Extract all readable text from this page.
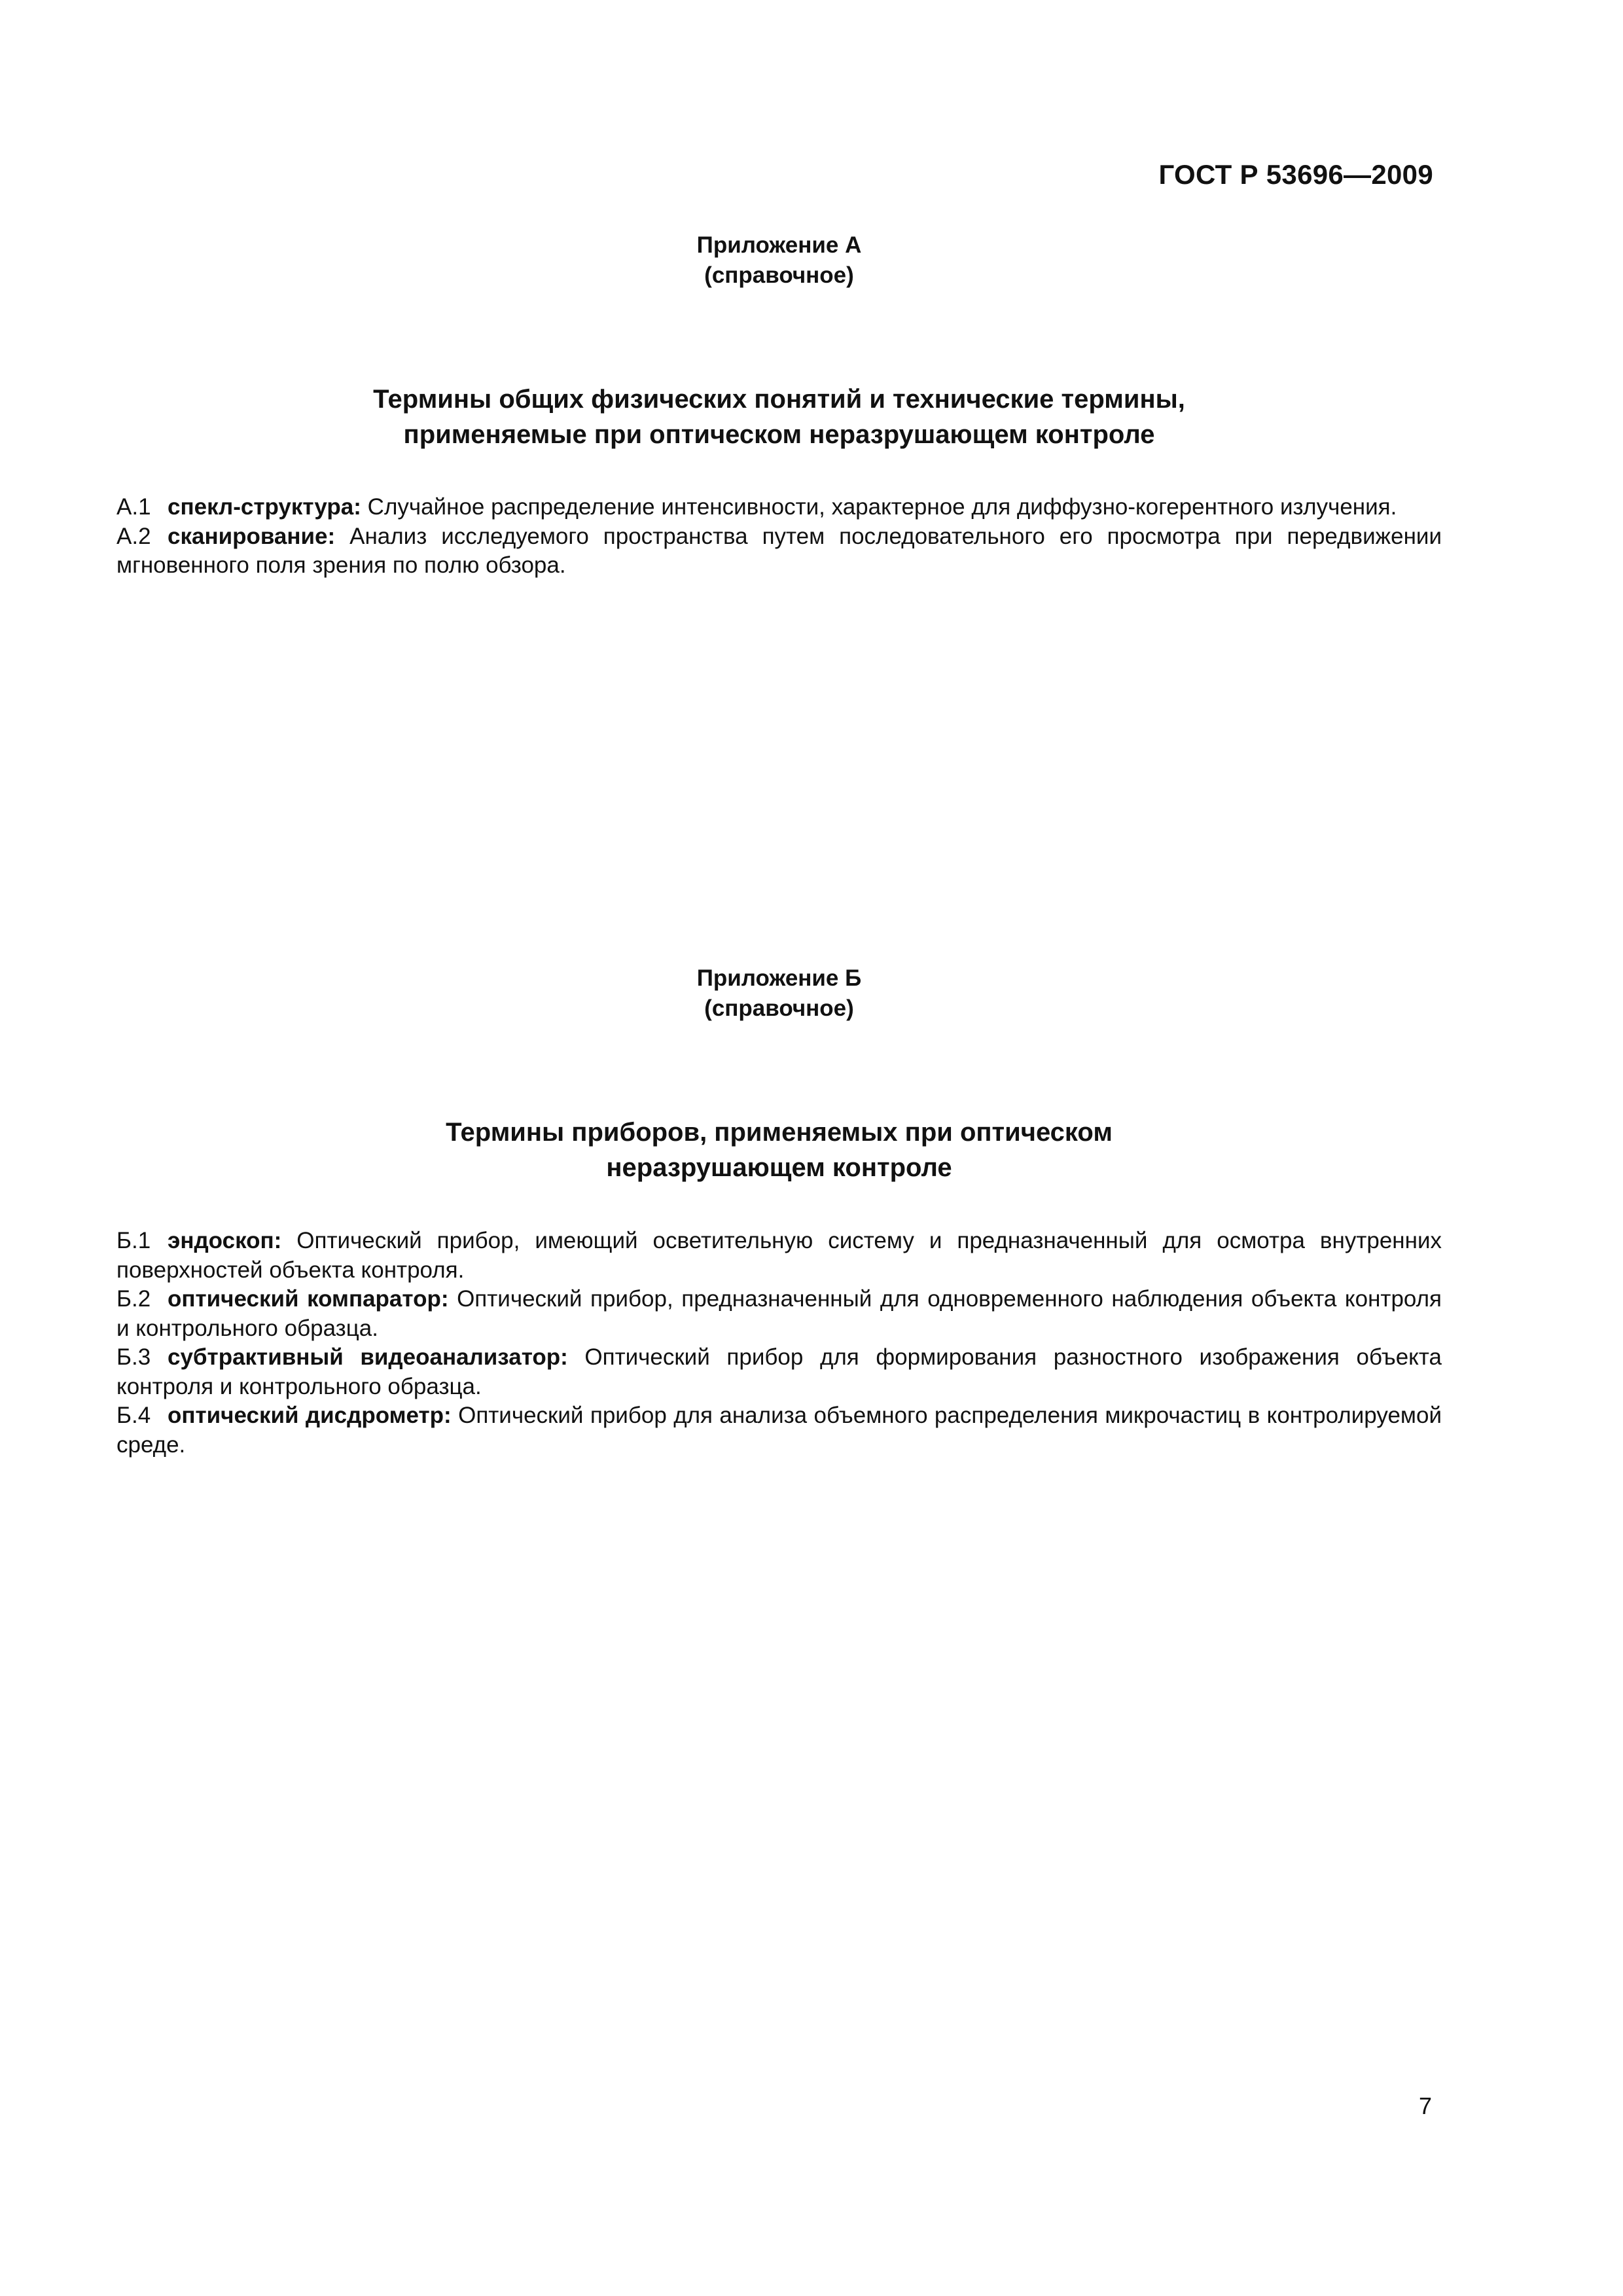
ГОСТ Р 53696—2009

Приложение А

(справочное)

Термины общих физических понятий и технические термины,

применяемые при оптическом неразрушающем контроле

А.1 спекл-структура: Случайное распределение интенсивности, характерное для диффузно-когерентного излучения.

А.2 сканирование: Анализ исследуемого пространства путем последовательного его просмотра при передвижении мгновенного поля зрения по полю обзора.

Приложение Б

(справочное)

Термины приборов, применяемых при оптическом

неразрушающем контроле

Б.1 эндоскоп: Оптический прибор, имеющий осветительную систему и предназначенный для осмотра внутренних поверхностей объекта контроля.

Б.2 оптический компаратор: Оптический прибор, предназначенный для одновременного наблюдения объекта контроля и контрольного образца.

Б.3 субтрактивный видеоанализатор: Оптический прибор для формирования разностного изображения объекта контроля и контрольного образца.

Б.4 оптический дисдрометр: Оптический прибор для анализа объемного распределения микрочастиц в контролируемой среде.

7
